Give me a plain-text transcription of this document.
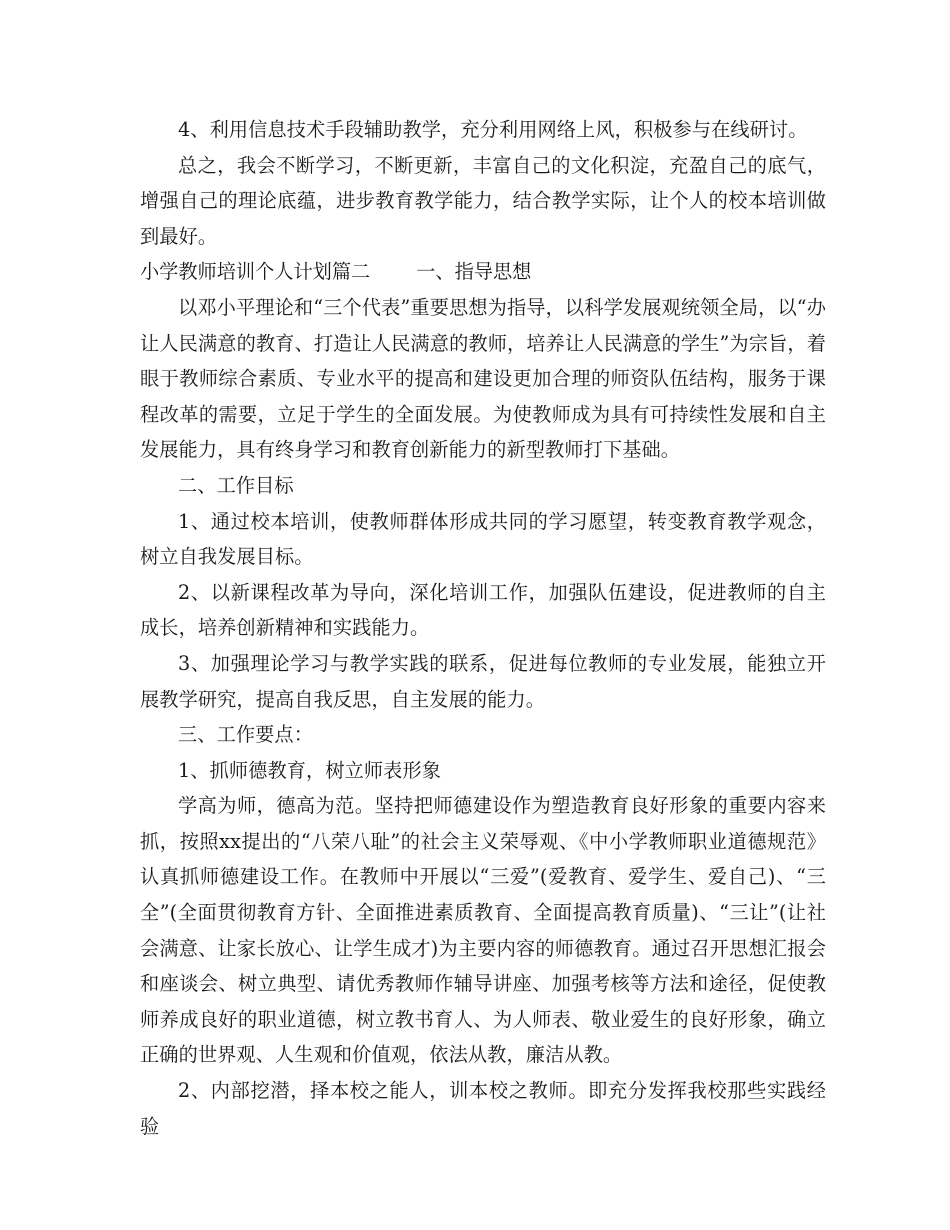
4、利用信息技术手段辅助教学，充分利用网络上风，积极参与在线研讨。

总之，我会不断学习，不断更新，丰富自己的文化积淀，充盈自己的底气，增强自己的理论底蕴，进步教育教学能力，结合教学实际，让个人的校本培训做到最好。

小学教师培训个人计划篇二 一、指导思想

以邓小平理论和“三个代表”重要思想为指导，以科学发展观统领全局，以“办让人民满意的教育、打造让人民满意的教师，培养让人民满意的学生”为宗旨，着眼于教师综合素质、专业水平的提高和建设更加合理的师资队伍结构，服务于课程改革的需要，立足于学生的全面发展。为使教师成为具有可持续性发展和自主发展能力，具有终身学习和教育创新能力的新型教师打下基础。

二、工作目标

1、通过校本培训，使教师群体形成共同的学习愿望，转变教育教学观念，树立自我发展目标。

2、以新课程改革为导向，深化培训工作，加强队伍建设，促进教师的自主成长，培养创新精神和实践能力。

3、加强理论学习与教学实践的联系，促进每位教师的专业发展，能独立开展教学研究，提高自我反思，自主发展的能力。

三、工作要点：

1、抓师德教育，树立师表形象

学高为师，德高为范。坚持把师德建设作为塑造教育良好形象的重要内容来抓，按照xx提出的“八荣八耻”的社会主义荣辱观、《中小学教师职业道德规范》认真抓师德建设工作。在教师中开展以“三爱”(爱教育、爱学生、爱自己)、“三全”(全面贯彻教育方针、全面推进素质教育、全面提高教育质量)、“三让”(让社会满意、让家长放心、让学生成才)为主要内容的师德教育。通过召开思想汇报会和座谈会、树立典型、请优秀教师作辅导讲座、加强考核等方法和途径，促使教师养成良好的职业道德，树立教书育人、为人师表、敬业爱生的良好形象，确立正确的世界观、人生观和价值观，依法从教，廉洁从教。

2、内部挖潜，择本校之能人，训本校之教师。即充分发挥我校那些实践经验
